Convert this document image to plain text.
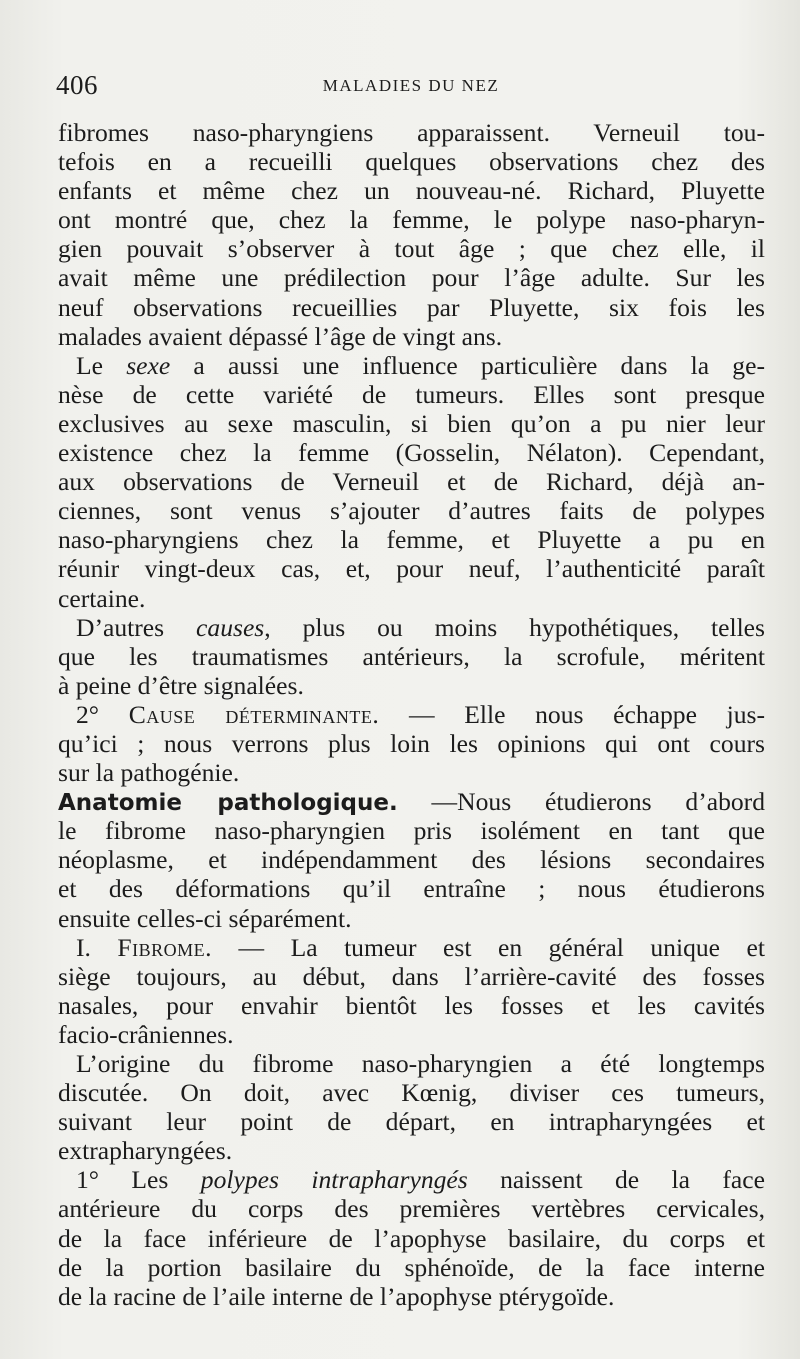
406	MALADIES DU NEZ
fibromes naso-pharyngiens apparaissent. Verneuil tou-
tefois en a recueilli quelques observations chez des
enfants et même chez un nouveau-né. Richard, Pluyette
ont montré que, chez la femme, le polype naso-pharyn-
gien pouvait s’observer à tout âge ; que chez elle, il
avait même une prédilection pour l’âge adulte. Sur les
neuf observations recueillies par Pluyette, six fois les
malades avaient dépassé l’âge de vingt ans.
Le sexe a aussi une influence particulière dans la ge-
nèse de cette variété de tumeurs. Elles sont presque
exclusives au sexe masculin, si bien qu’on a pu nier leur
existence chez la femme (Gosselin, Nélaton). Cependant,
aux observations de Verneuil et de Richard, déjà an-
ciennes, sont venus s’ajouter d’autres faits de polypes
naso-pharyngiens chez la femme, et Pluyette a pu en
réunir vingt-deux cas, et, pour neuf, l’authenticité paraît
certaine.
D’autres causes, plus ou moins hypothétiques, telles
que les traumatismes antérieurs, la scrofule, méritent
à peine d’être signalées.
2° Cause déterminante. — Elle nous échappe jus-
qu’ici ; nous verrons plus loin les opinions qui ont cours
sur la pathogénie.
Anatomie pathologique. —Nous étudierons d’abord
le fibrome naso-pharyngien pris isolément en tant que
néoplasme, et indépendamment des lésions secondaires
et des déformations qu’il entraîne ; nous étudierons
ensuite celles-ci séparément.
I. Fibrome. — La tumeur est en général unique et
siège toujours, au début, dans l’arrière-cavité des fosses
nasales, pour envahir bientôt les fosses et les cavités
facio-crâniennes.
L’origine du fibrome naso-pharyngien a été longtemps
discutée. On doit, avec Kœnig, diviser ces tumeurs,
suivant leur point de départ, en intrapharyngées et
extrapharyngées.
1° Les polypes intrapharyngés naissent de la face
antérieure du corps des premières vertèbres cervicales,
de la face inférieure de l’apophyse basilaire, du corps et
de la portion basilaire du sphénoïde, de la face interne
de la racine de l’aile interne de l’apophyse ptérygoïde.
